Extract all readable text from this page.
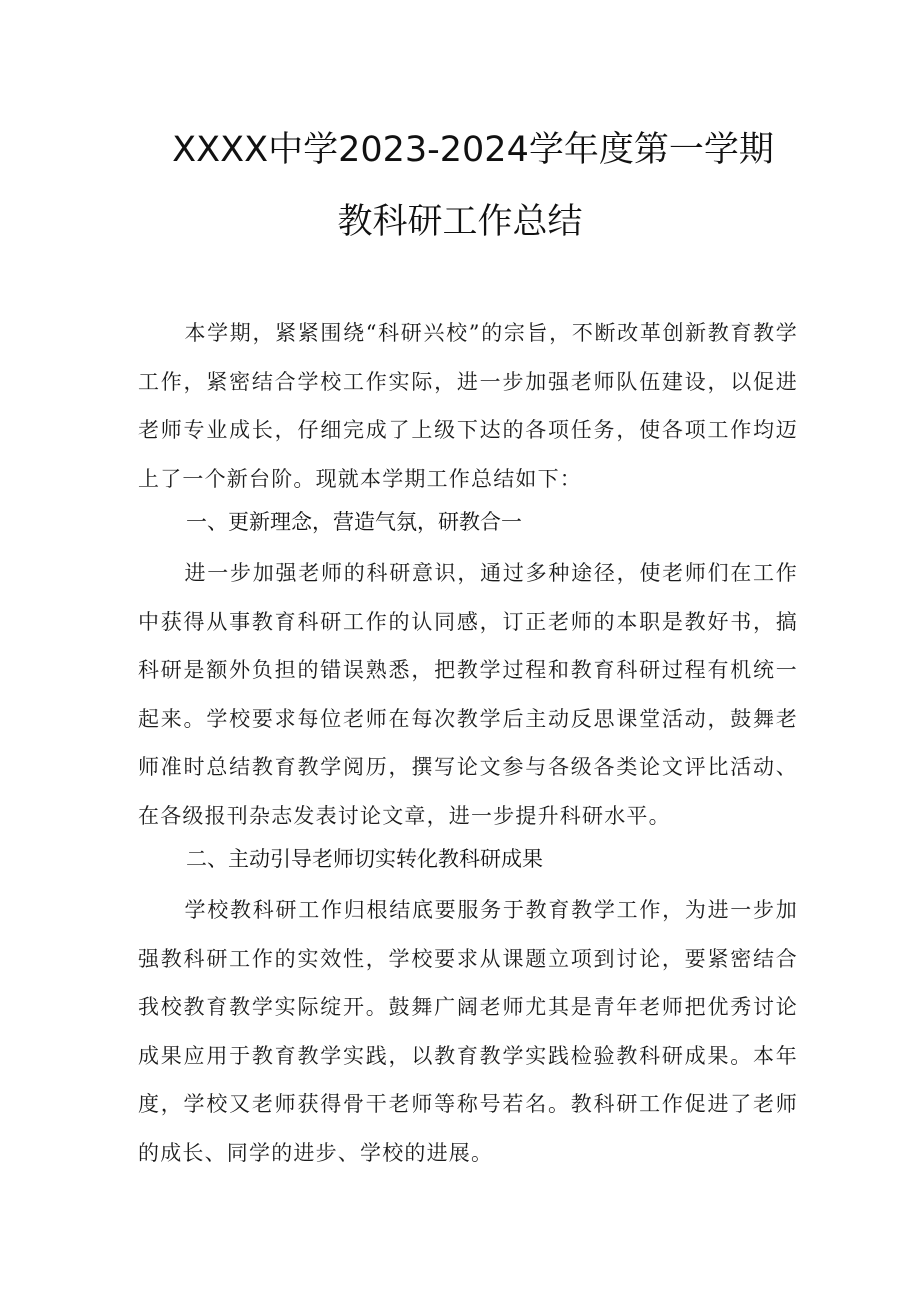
XXXX中学2023-2024学年度第一学期
教科研工作总结

本学期，紧紧围绕“科研兴校”的宗旨，不断改革创新教育教学工作，紧密结合学校工作实际，进一步加强老师队伍建设，以促进老师专业成长，仔细完成了上级下达的各项任务，使各项工作均迈上了一个新台阶。现就本学期工作总结如下：

一、更新理念，营造气氛，研教合一

进一步加强老师的科研意识，通过多种途径，使老师们在工作中获得从事教育科研工作的认同感，订正老师的本职是教好书，搞科研是额外负担的错误熟悉，把教学过程和教育科研过程有机统一起来。学校要求每位老师在每次教学后主动反思课堂活动，鼓舞老师准时总结教育教学阅历，撰写论文参与各级各类论文评比活动、在各级报刊杂志发表讨论文章，进一步提升科研水平。

二、主动引导老师切实转化教科研成果

学校教科研工作归根结底要服务于教育教学工作，为进一步加强教科研工作的实效性，学校要求从课题立项到讨论，要紧密结合我校教育教学实际绽开。鼓舞广阔老师尤其是青年老师把优秀讨论成果应用于教育教学实践，以教育教学实践检验教科研成果。本年度，学校又老师获得骨干老师等称号若名。教科研工作促进了老师的成长、同学的进步、学校的进展。
